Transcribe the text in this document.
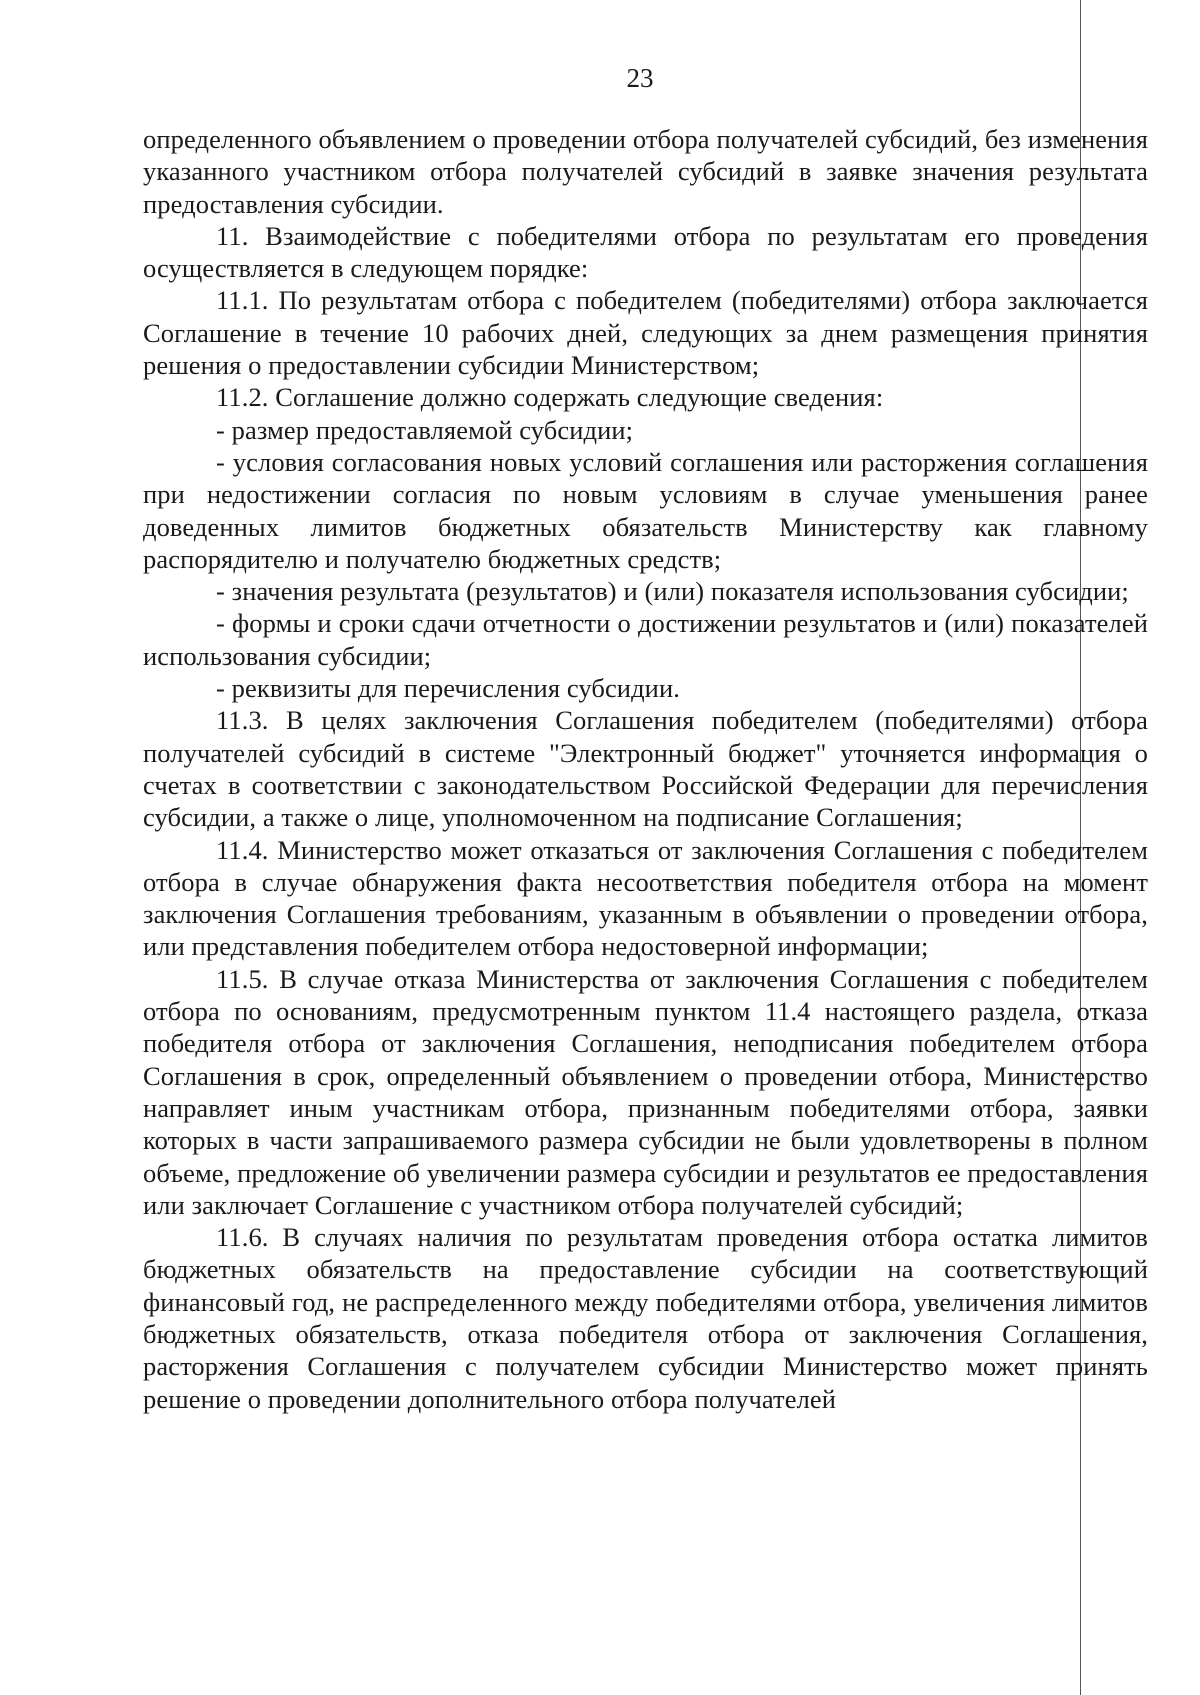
23

определенного объявлением о проведении отбора получателей субсидий, без изменения указанного участником отбора получателей субсидий в заявке значения результата предоставления субсидии.

11. Взаимодействие с победителями отбора по результатам его проведения осуществляется в следующем порядке:

11.1. По результатам отбора с победителем (победителями) отбора заключается Соглашение в течение 10 рабочих дней, следующих за днем размещения принятия решения о предоставлении субсидии Министерством;

11.2. Соглашение должно содержать следующие сведения:

- размер предоставляемой субсидии;

- условия согласования новых условий соглашения или расторжения соглашения при недостижении согласия по новым условиям в случае уменьшения ранее доведенных лимитов бюджетных обязательств Министерству как главному распорядителю и получателю бюджетных средств;

- значения результата (результатов) и (или) показателя использования субсидии;

- формы и сроки сдачи отчетности о достижении результатов и (или) показателей использования субсидии;

- реквизиты для перечисления субсидии.

11.3. В целях заключения Соглашения победителем (победителями) отбора получателей субсидий в системе "Электронный бюджет" уточняется информация о счетах в соответствии с законодательством Российской Федерации для перечисления субсидии, а также о лице, уполномоченном на подписание Соглашения;

11.4. Министерство может отказаться от заключения Соглашения с победителем отбора в случае обнаружения факта несоответствия победителя отбора на момент заключения Соглашения требованиям, указанным в объявлении о проведении отбора, или представления победителем отбора недостоверной информации;

11.5. В случае отказа Министерства от заключения Соглашения с победителем отбора по основаниям, предусмотренным пунктом 11.4 настоящего раздела, отказа победителя отбора от заключения Соглашения, неподписания победителем отбора Соглашения в срок, определенный объявлением о проведении отбора, Министерство направляет иным участникам отбора, признанным победителями отбора, заявки которых в части запрашиваемого размера субсидии не были удовлетворены в полном объеме, предложение об увеличении размера субсидии и результатов ее предоставления или заключает Соглашение с участником отбора получателей субсидий;

11.6. В случаях наличия по результатам проведения отбора остатка лимитов бюджетных обязательств на предоставление субсидии на соответствующий финансовый год, не распределенного между победителями отбора, увеличения лимитов бюджетных обязательств, отказа победителя отбора от заключения Соглашения, расторжения Соглашения с получателем субсидии Министерство может принять решение о проведении дополнительного отбора получателей
